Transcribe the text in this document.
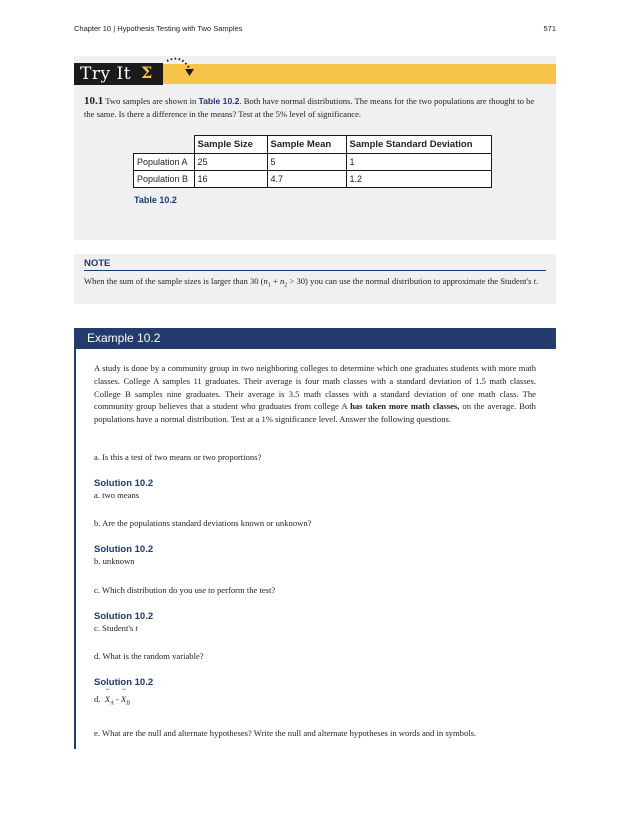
Chapter 10 | Hypothesis Testing with Two Samples	571
Try It Σ
10.1 Two samples are shown in Table 10.2. Both have normal distributions. The means for the two populations are thought to be the same. Is there a difference in the means? Test at the 5% level of significance.
	Sample Size	Sample Mean	Sample Standard Deviation
Population A	25	5	1
Population B	16	4.7	1.2
Table 10.2
NOTE
When the sum of the sample sizes is larger than 30 $(n_1 + n_2 > 30)$ you can use the normal distribution to approximate the Student's t.
Example 10.2

A study is done by a community group in two neighboring colleges to determine which one graduates students with more math classes. College A samples 11 graduates. Their average is four math classes with a standard deviation of 1.5 math classes. College B samples nine graduates. Their average is 3.5 math classes with a standard deviation of one math class. The community group believes that a student who graduates from college A has taken more math classes, on the average. Both populations have a normal distribution. Test at a 1% significance level. Answer the following questions.

a. Is this a test of two means or two proportions?
Solution 10.2
a. two means
b. Are the populations standard deviations known or unknown?
Solution 10.2
b. unknown
c. Which distribution do you use to perform the test?
Solution 10.2
c. Student's t
d. What is the random variable?
Solution 10.2
d. ~ $X_A$ - ~ $X_B$
e. What are the null and alternate hypotheses? Write the null and alternate hypotheses in words and in symbols.
